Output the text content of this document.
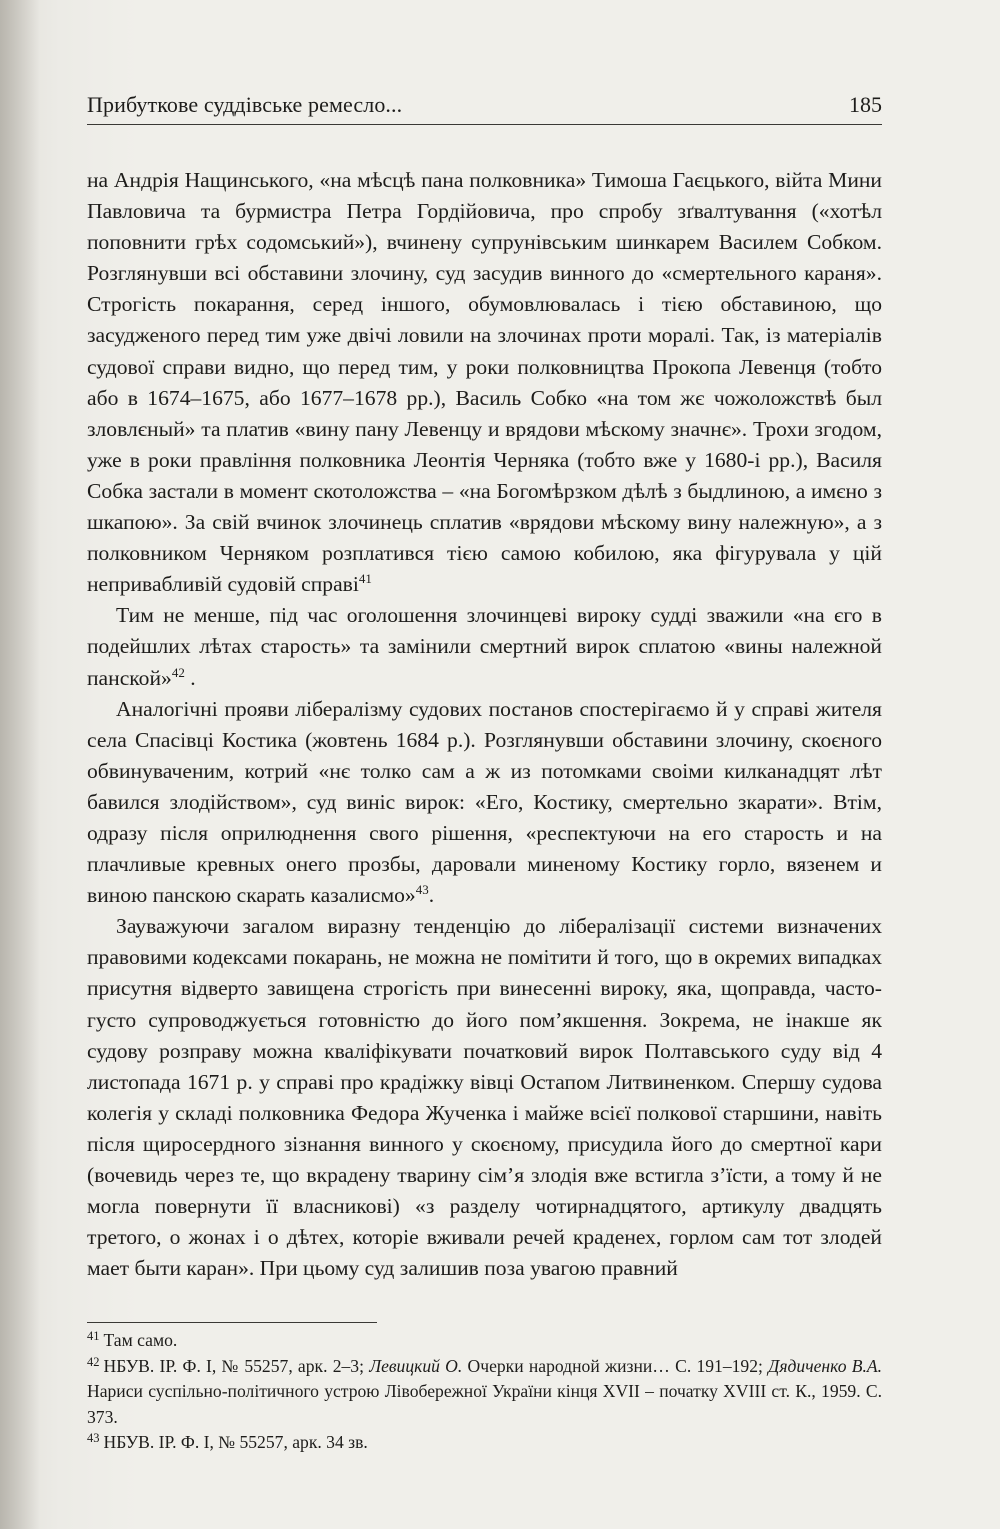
Прибуткове суддівське ремесло...	185

на Андрія Нащинського, «на мѣсцѣ пана полковника» Тимоша Гаєцького, війта Мини Павловича та бурмистра Петра Гордійовича, про спробу зґвалтування («хотѣл поповнити грѣх содомський»), вчинену супрунівським шинкарем Василем Собком. Розглянувши всі обставини злочину, суд засудив винного до «смертельного караня». Строгість покарання, серед іншого, обумовлювалась і тією обставиною, що засудженого перед тим уже двічі ловили на злочинах проти моралі. Так, із матеріалів судової справи видно, що перед тим, у роки полковництва Прокопа Левенця (тобто або в 1674–1675, або 1677–1678 рр.), Василь Собко «на том жє чожоложствѣ был зловлєный» та платив «вину пану Левенцу и врядови мѣскому значнє». Трохи згодом, уже в роки правління полковника Леонтія Черняка (тобто вже у 1680-і рр.), Василя Собка застали в момент скотоложства – «на Богомѣрзком дѣлѣ з быдлиною, а имєно з шкапою». За свій вчинок злочинець сплатив «врядови мѣскому вину належную», а з полковником Черняком розплатився тією самою кобилою, яка фігурувала у цій непривабливій судовій справі$^{41}$

Тим не менше, під час оголошення злочинцеві вироку судді зважили «на єго в подейшлих лѣтах старость» та замінили смертний вирок сплатою «вины належной панской»$^{42}$ .

Аналогічні прояви лібералізму судових постанов спостерігаємо й у справі жителя села Спасівці Костика (жовтень 1684 р.). Розглянувши обставини злочину, скоєного обвинуваченим, котрий «нє толко сам а ж из потомками своіми килканадцят лѣт бавился злодійством», суд виніс вирок: «Его, Костику, смертельно зкарати». Втім, одразу після оприлюднення свого рішення, «респектуючи на его старость и на плачливые кревных онего прозбы, даровали миненому Костику горло, вязенем и виною панскою скарать казалисмо»$^{43}$.

Зауважуючи загалом виразну тенденцію до лібералізації системи визначених правовими кодексами покарань, не можна не помітити й того, що в окремих випадках присутня відверто завищена строгість при винесенні вироку, яка, щоправда, часто-густо супроводжується готовністю до його пом’якшення. Зокрема, не інакше як судову розправу можна кваліфікувати початковий вирок Полтавського суду від 4 листопада 1671 р. у справі про крадіжку вівці Остапом Литвиненком. Спершу судова колегія у складі полковника Федора Жученка і майже всієї полкової старшини, навіть після щиросердного зізнання винного у скоєному, присудила його до смертної кари (вочевидь через те, що вкрадену тварину сім’я злодія вже встигла з’їсти, а тому й не могла повернути її власникові) «з разделу чотирнадцятого, артикулу двадцять третого, о жонах і о дѣтех, которіе вживали речей краденех, горлом сам тот злодей мает быти каран». При цьому суд залишив поза увагою правний

$^{41}$ Там само.

$^{42}$ НБУВ. ІР. Ф. І, № 55257, арк. 2–3; Левицкий О. Очерки народной жизни… С. 191–192; Дядиченко В.А. Нариси суспільно-політичного устрою Лівобережної України кінця XVII – початку XVIII ст. К., 1959. С. 373.

$^{43}$ НБУВ. ІР. Ф. І, № 55257, арк. 34 зв.
